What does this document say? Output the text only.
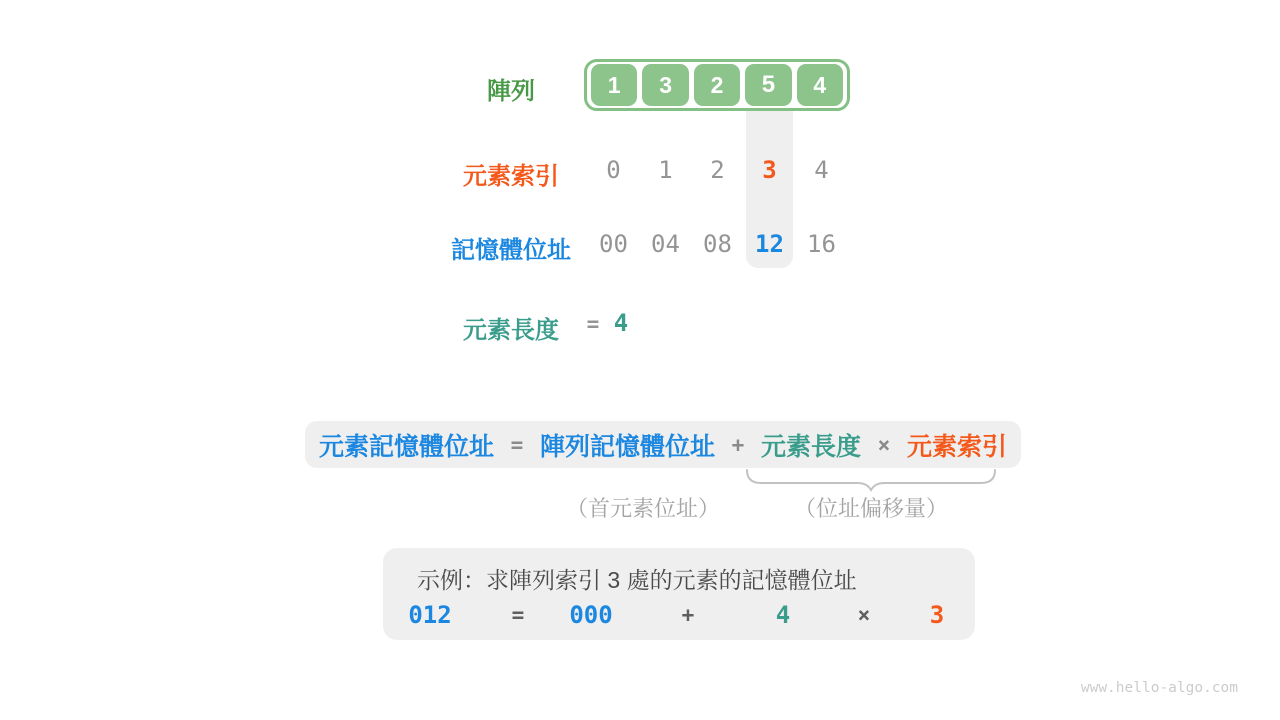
陣列	1	3	2	5	4
元素索引	0	1	2	3	4
記憶體位址	00 04 08 12 16
元素長度	= 4
元素記憶體位址 = 陣列記憶體位址 + 元素長度 × 元素索引
（首元素位址）	（位址偏移量）
示例：求陣列索引 3 處的元素的記憶體位址
012	= 000	+	4	× 3
www.hello-algo.com
